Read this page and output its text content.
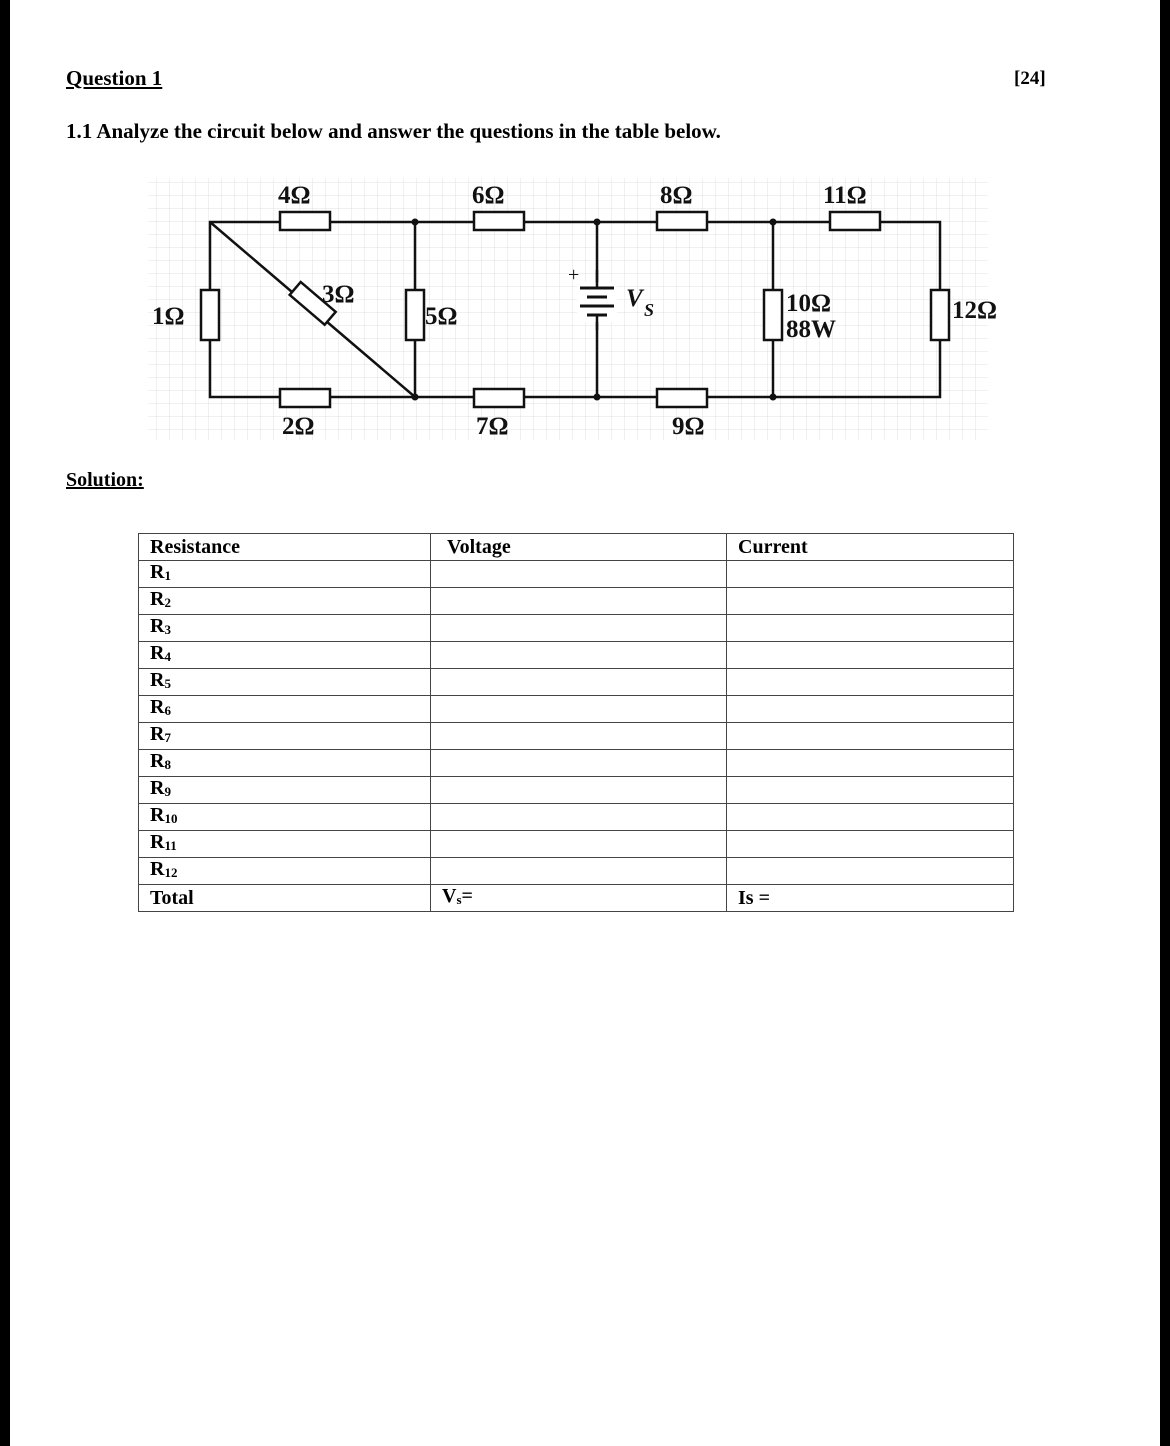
Question 1	[24]
1.1 Analyze the circuit below and answer the questions in the table below.
4Ω	6Ω	8Ω	11Ω
3Ω
1Ω	5Ω	10Ω
88W
12Ω
2Ω	7Ω	9Ω
+
V S
Solution:
Resistance	Voltage	Current
$R_1$		
$R_2$		
$R_3$		
$R_4$		
$R_5$		
$R_6$		
$R_7$		
$R_8$		
$R_9$		
$R_{10}$		
$R_{11}$		
$R_{12}$		
Total	$V_s=$	Is =
